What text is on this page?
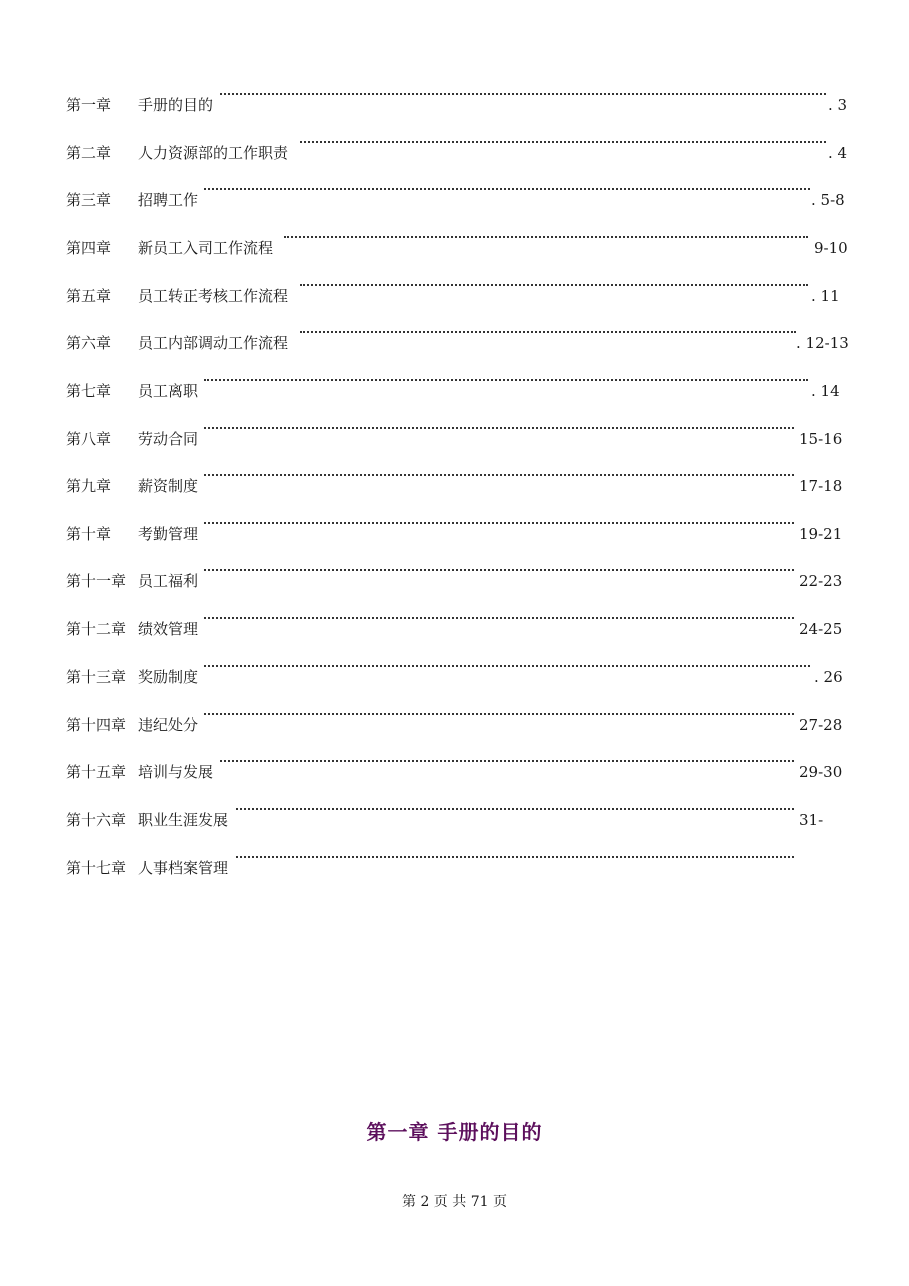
第一章 手册的目的	. 3
第二章 人力资源部的工作职责	. 4
第三章 招聘工作	. 5-8
第四章 新员工入司工作流程	9-10
第五章 员工转正考核工作流程	. 11
第六章 员工内部调动工作流程	. 12-13
第七章 员工离职	. 14
第八章 劳动合同	15-16
第九章 薪资制度	17-18
第十章 考勤管理	19-21
第十一章 员工福利	22-23
第十二章 绩效管理	24-25
第十三章 奖励制度	. 26
第十四章 违纪处分	27-28
第十五章 培训与发展	29-30
第十六章 职业生涯发展	31-
第十七章 人事档案管理
第一章 手册的目的
第 2 页 共 71 页
